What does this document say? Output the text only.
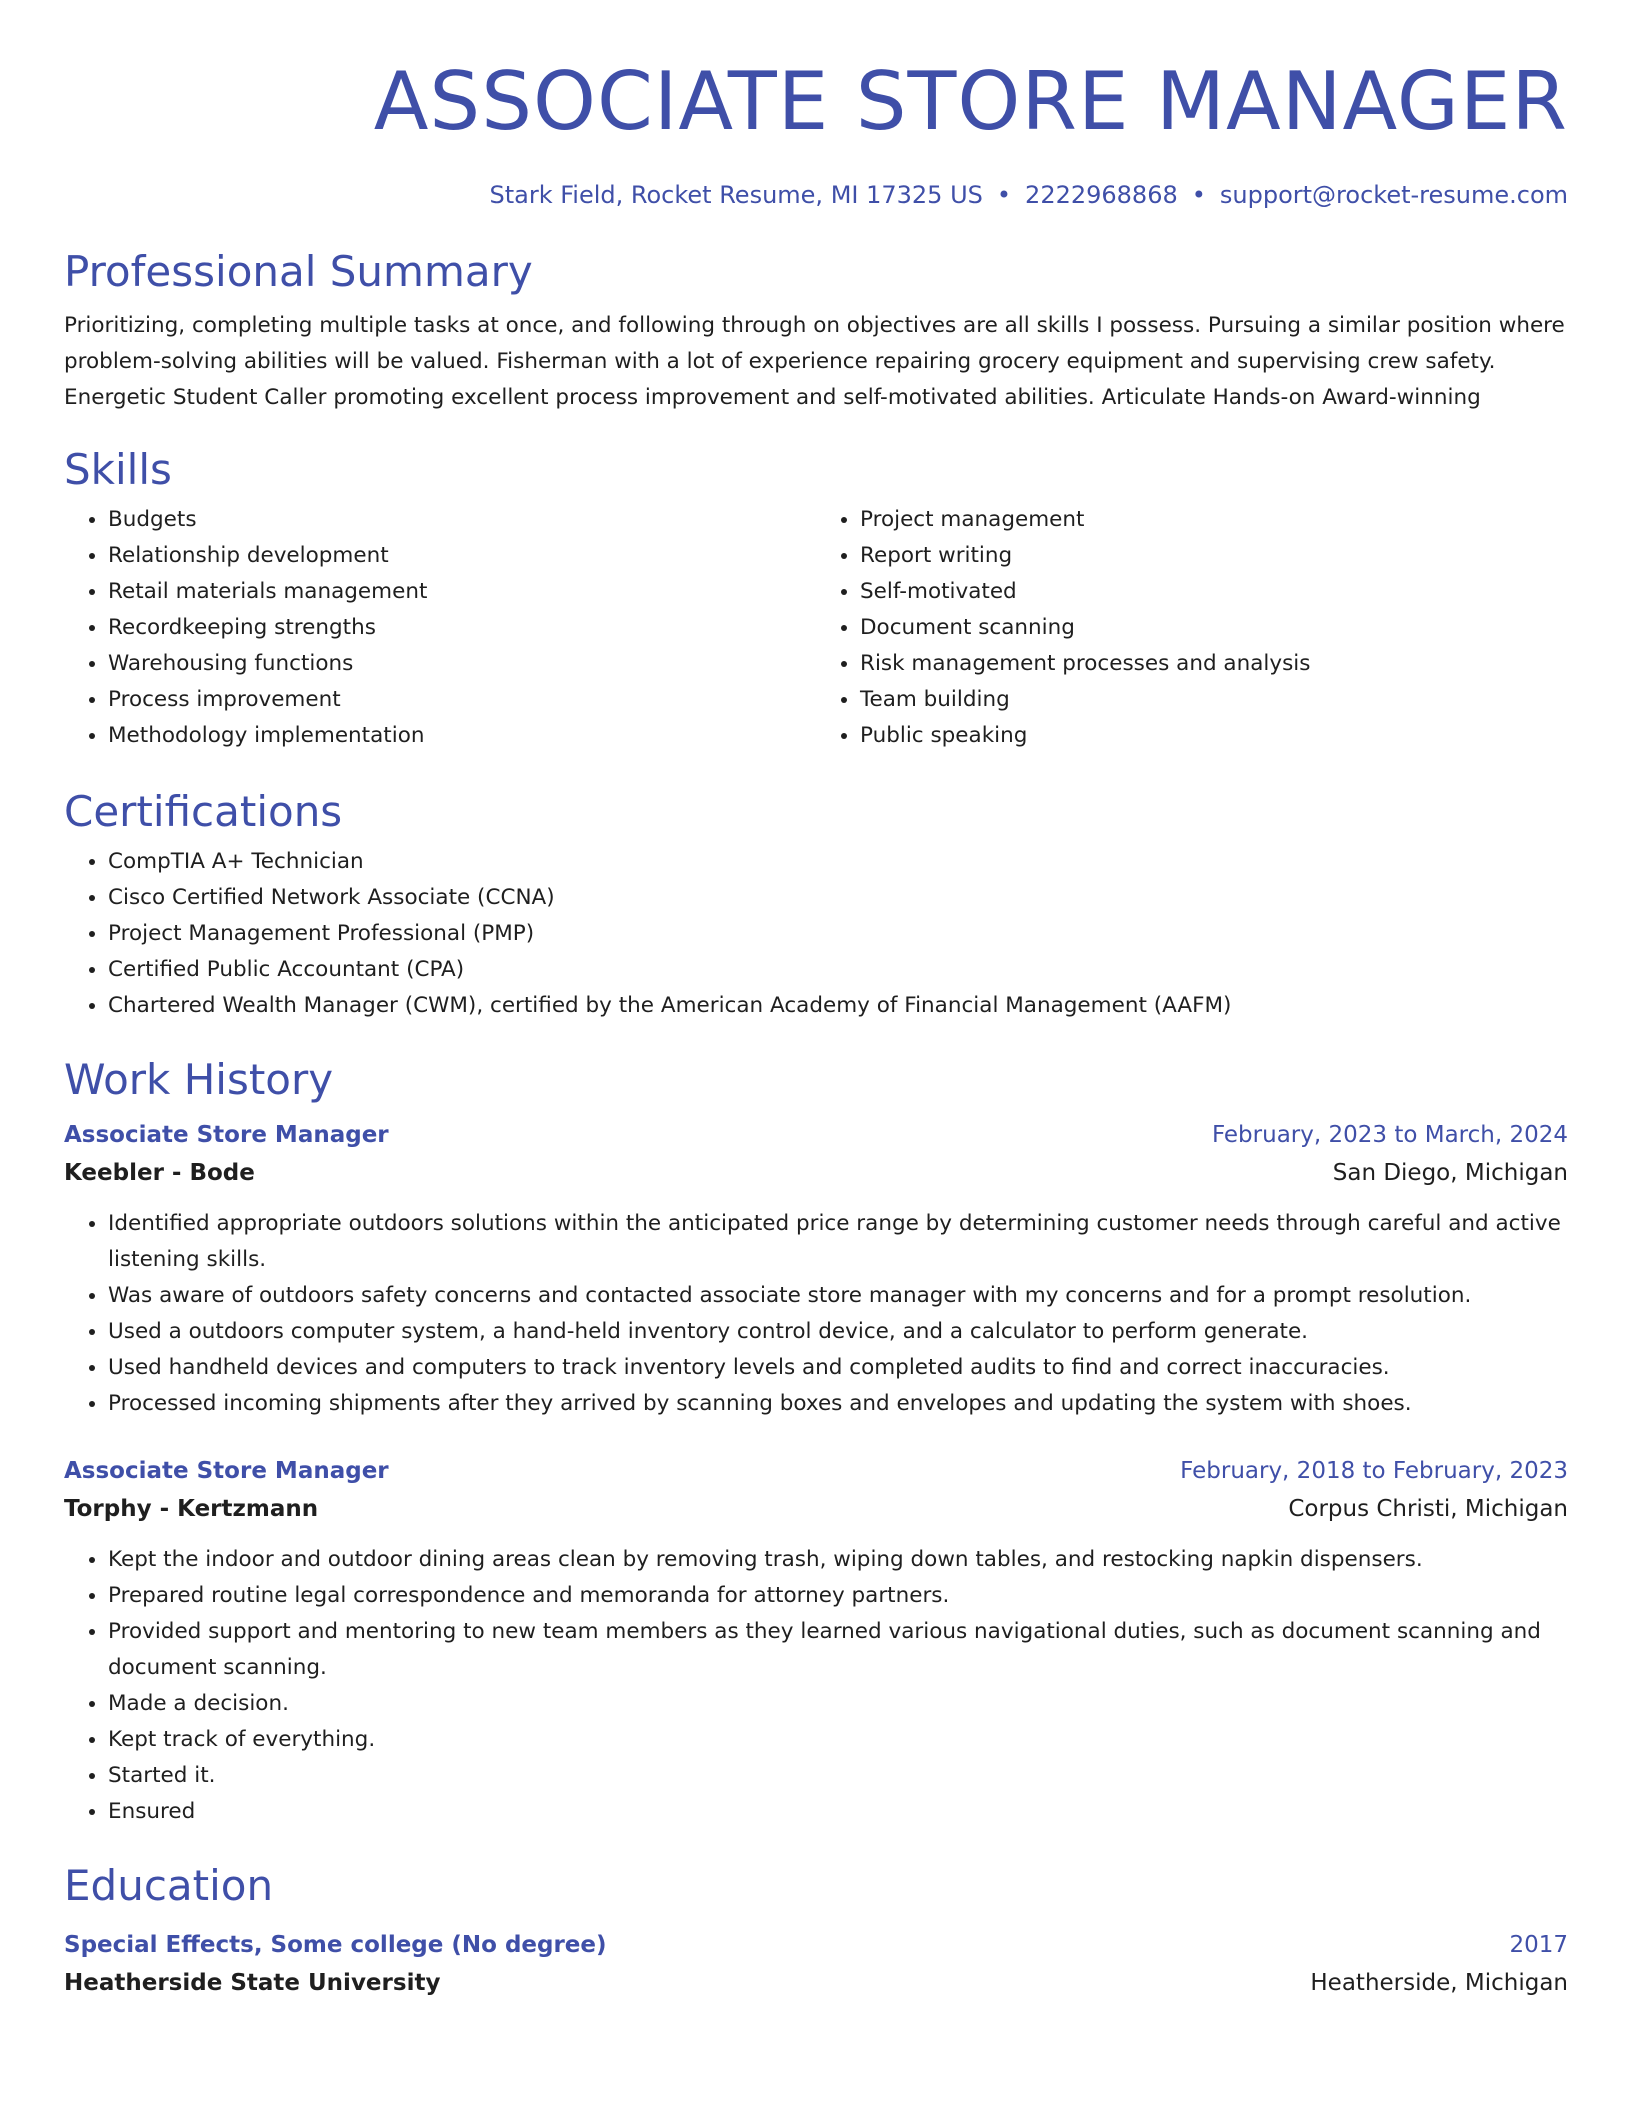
ASSOCIATE STORE MANAGER
Stark Field, Rocket Resume, MI 17325 US • 2222968868 • support@rocket-resume.com
Professional Summary

Prioritizing, completing multiple tasks at once, and following through on objectives are all skills I possess. Pursuing a similar position where problem-solving abilities will be valued. Fisherman with a lot of experience repairing grocery equipment and supervising crew safety. Energetic Student Caller promoting excellent process improvement and self-motivated abilities. Articulate Hands-on Award-winning

Skills
• Budgets
• Relationship development
• Retail materials management
• Recordkeeping strengths
• Warehousing functions
• Process improvement
• Methodology implementation
• Project management
• Report writing
• Self-motivated
• Document scanning
• Risk management processes and analysis
• Team building
• Public speaking
Certifications
• CompTIA A+ Technician
• Cisco Certified Network Associate (CCNA)
• Project Management Professional (PMP)
• Certified Public Accountant (CPA)
• Chartered Wealth Manager (CWM), certified by the American Academy of Financial Management (AAFM)
Work History
Associate Store Manager	February, 2023 to March, 2024
Keebler - Bode	San Diego, Michigan
• Identified appropriate outdoors solutions within the anticipated price range by determining customer needs through careful and active listening skills.
• Was aware of outdoors safety concerns and contacted associate store manager with my concerns and for a prompt resolution.
• Used a outdoors computer system, a hand-held inventory control device, and a calculator to perform generate.
• Used handheld devices and computers to track inventory levels and completed audits to find and correct inaccuracies.
• Processed incoming shipments after they arrived by scanning boxes and envelopes and updating the system with shoes.
Associate Store Manager	February, 2018 to February, 2023
Torphy - Kertzmann	Corpus Christi, Michigan
• Kept the indoor and outdoor dining areas clean by removing trash, wiping down tables, and restocking napkin dispensers.
• Prepared routine legal correspondence and memoranda for attorney partners.
• Provided support and mentoring to new team members as they learned various navigational duties, such as document scanning and document scanning.
• Made a decision.
• Kept track of everything.
• Started it.
• Ensured
Education
Special Effects, Some college (No degree)	2017
Heatherside State University	Heatherside, Michigan
